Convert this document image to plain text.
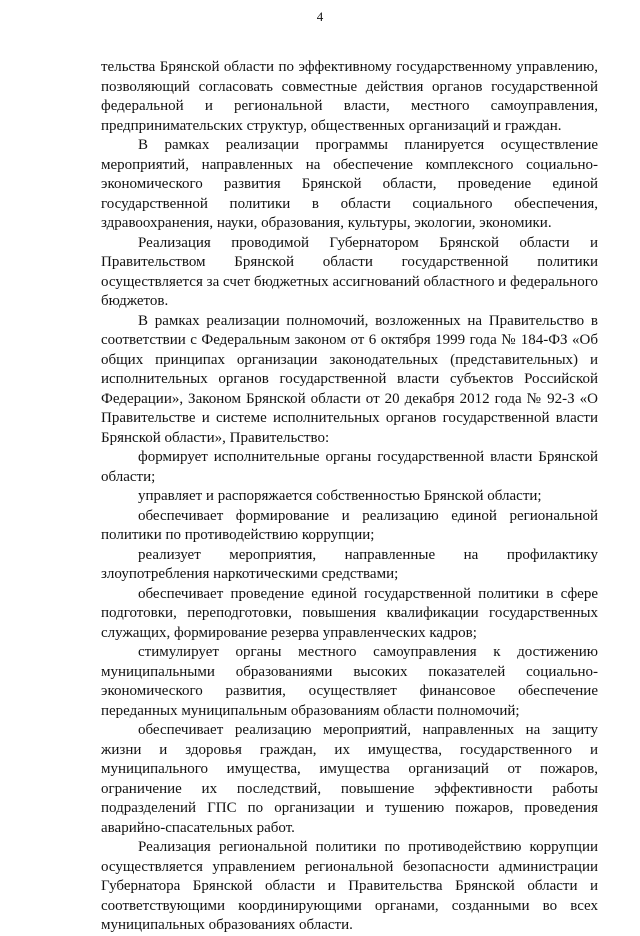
4

тельства Брянской области по эффективному государственному управлению, позволяющий согласовать совместные действия органов государственной федеральной и региональной власти, местного самоуправления, предпринимательских структур, общественных организаций и граждан.

В рамках реализации программы планируется осуществление мероприятий, направленных на обеспечение комплексного социально-экономического развития Брянской области, проведение единой государственной политики в области социального обеспечения, здравоохранения, науки, образования, культуры, экологии, экономики.

Реализация проводимой Губернатором Брянской области и Правительством Брянской области государственной политики осуществляется за счет бюджетных ассигнований областного и федерального бюджетов.

В рамках реализации полномочий, возложенных на Правительство в соответствии с Федеральным законом от 6 октября 1999 года № 184-ФЗ «Об общих принципах организации законодательных (представительных) и исполнительных органов государственной власти субъектов Российской Федерации», Законом Брянской области от 20 декабря 2012 года № 92-З «О Правительстве и системе исполнительных органов государственной власти Брянской области», Правительство:

формирует исполнительные органы государственной власти Брянской области;

управляет и распоряжается собственностью Брянской области;

обеспечивает формирование и реализацию единой региональной политики по противодействию коррупции;

реализует мероприятия, направленные на профилактику злоупотребления наркотическими средствами;

обеспечивает проведение единой государственной политики в сфере подготовки, переподготовки, повышения квалификации государственных служащих, формирование резерва управленческих кадров;

стимулирует органы местного самоуправления к достижению муниципальными образованиями высоких показателей социально-экономического развития, осуществляет финансовое обеспечение переданных муниципальным образованиям области полномочий;

обеспечивает реализацию мероприятий, направленных на защиту жизни и здоровья граждан, их имущества, государственного и муниципального имущества, имущества организаций от пожаров, ограничение их последствий, повышение эффективности работы подразделений ГПС по организации и тушению пожаров, проведения аварийно-спасательных работ.

Реализация региональной политики по противодействию коррупции осуществляется управлением региональной безопасности администрации Губернатора Брянской области и Правительства Брянской области и соответствующими координирующими органами, созданными во всех муниципальных образованиях области.
